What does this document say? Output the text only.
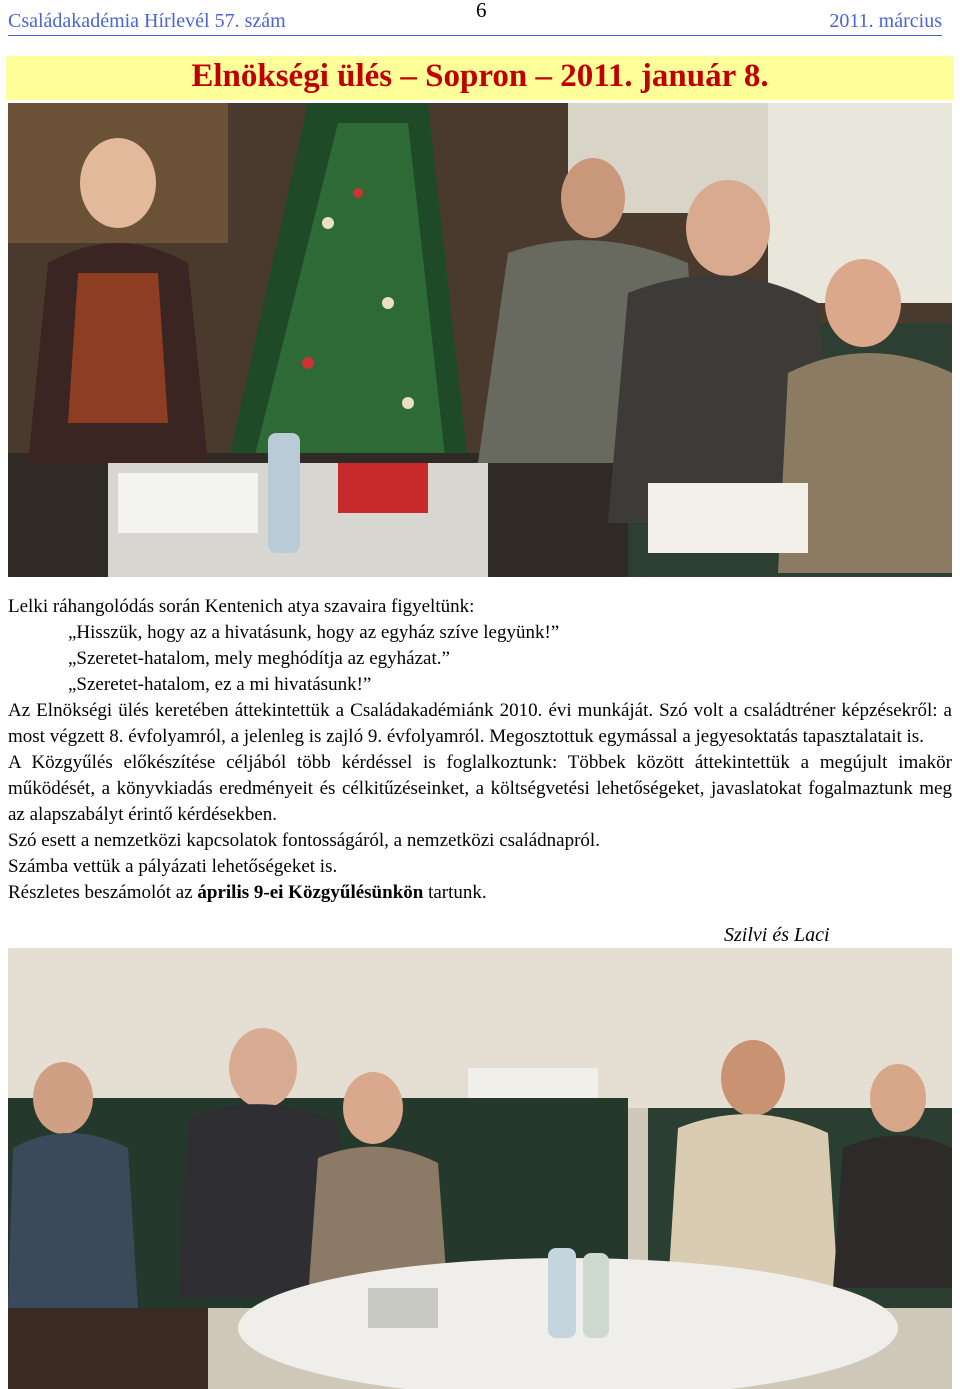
Családakadémia Hírlevél 57. szám	6	2011. március
Elnökségi ülés – Sopron – 2011. január 8.

Lelki ráhangolódás során Kentenich atya szavaira figyeltünk:

„Hisszük, hogy az a hivatásunk, hogy az egyház szíve legyünk!”

„Szeretet-hatalom, mely meghódítja az egyházat.”

„Szeretet-hatalom, ez a mi hivatásunk!”

Az Elnökségi ülés keretében áttekintettük a Családakadémiánk 2010. évi munkáját. Szó volt a családtréner képzésekről: a most végzett 8. évfolyamról, a jelenleg is zajló 9. évfolyamról. Megosztottuk egymással a jegyesoktatás tapasztalatait is.

A Közgyűlés előkészítése céljából több kérdéssel is foglalkoztunk: Többek között áttekintettük a megújult imakör működését, a könyvkiadás eredményeit és célkitűzéseinket, a költségvetési lehetőségeket, javaslatokat fogalmaztunk meg az alapszabályt érintő kérdésekben.

Szó esett a nemzetközi kapcsolatok fontosságáról, a nemzetközi családnapról.

Számba vettük a pályázati lehetőségeket is.

Részletes beszámolót az április 9-ei Közgyűlésünkön tartunk.

Szilvi és Laci
